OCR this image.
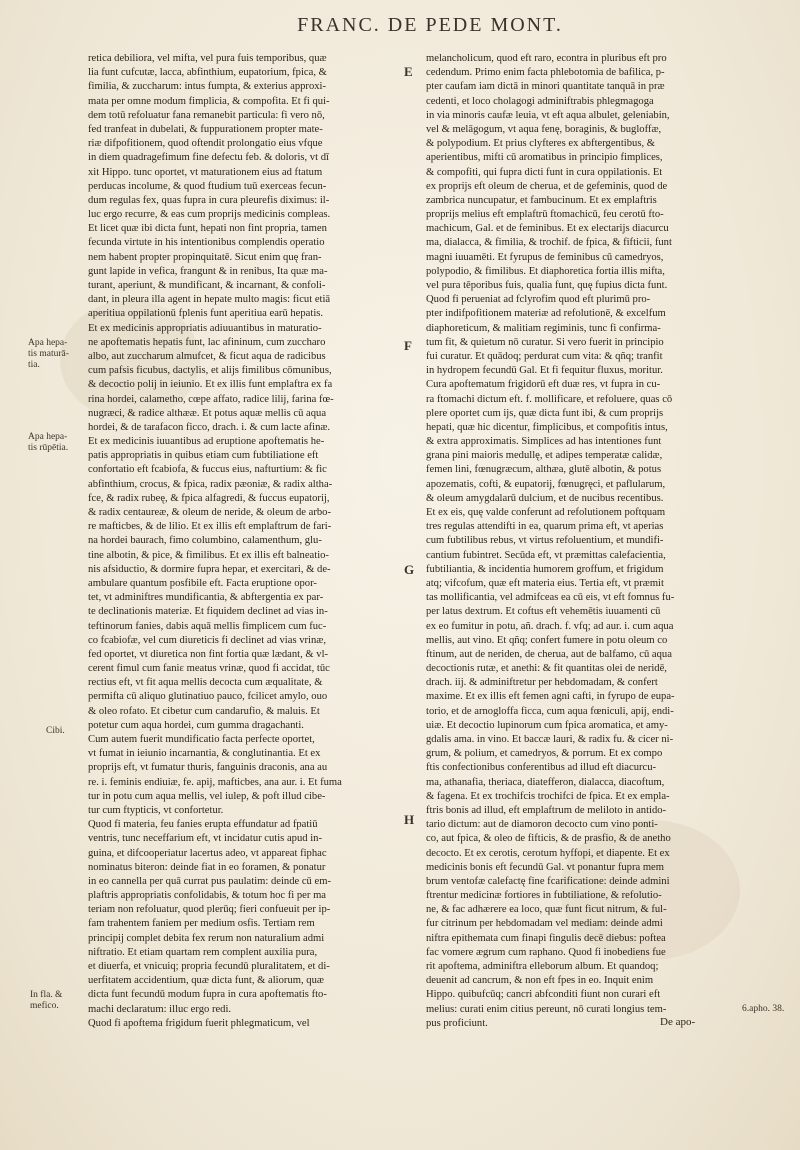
FRANC. DE PEDE MONT.
E
F
G
H
Apa hepa- tis maturā- tia.
Apa hepa- tis rūpētia.
Cibi.
In fla. & mefico.	6.apho. 38.
retica debiliora, vel mifta, vel pura fuis temporibus, quæ
lia funt cufcutæ, lacca, abfinthium, eupatorium, fpica, &
fimilia, & zuccharum: intus fumpta, & exterius approxi-
mata per omne modum fimplicia, & compofita. Et fi qui-
dem totū refoluatur fana remanebit particula: fi vero nō,
fed tranfeat in dubelati, & fuppurationem propter mate-
riæ difpofitionem, quod oftendit prolongatio eius vfque
in diem quadragefimum fine defectu feb. & doloris, vt dī
xit Hippo. tunc oportet, vt maturationem eius ad ftatum
perducas incolume, & quod ftudium tuū exerceas fecun-
dum regulas fex, quas fupra in cura pleurefis diximus: il-
luc ergo recurre, & eas cum proprijs medicinis compleas.
Et licet quæ ibi dicta funt, hepati non fint propria, tamen
fecunda virtute in his intentionibus complendis operatio
nem habent propter propinquitatē. Sicut enim quę fran-
gunt lapide in vefica, frangunt & in renibus, Ita quæ ma-
turant, aperiunt, & mundificant, & incarnant, & confoli-
dant, in pleura illa agent in hepate multo magis: ficut etiā
aperitiua oppilationū fplenis funt aperitiua earū hepatis.
Et ex medicinis appropriatis adiuuantibus in maturatio-
ne apoftematis hepatis funt, lac afininum, cum zuccharo
albo, aut zuccharum almufcet, & ficut aqua de radicibus
cum pafsis ficubus, dactylis, et alijs fimilibus cōmunibus,
& decoctio polij in ieiunio. Et ex illis funt emplaftra ex fa
rina hordei, calametho, cœpe affato, radice lilij, farina fœ-
nugræci, & radice althææ. Et potus aquæ mellis cū aqua
hordei, & de tarafacon ficco, drach. i. & cum lacte afinæ.
Et ex medicinis iuuantibus ad eruptione apoftematis he-
patis appropriatis in quibus etiam cum fubtiliatione eft
confortatio eft fcabiofa, & fuccus eius, nafturtium: & fic
abfinthium, crocus, & fpica, radix pæoniæ, & radix altha-
fce, & radix rubeę, & fpica alfagredi, & fuccus eupatorij,
& radix centaureæ, & oleum de neride, & oleum de arbo-
re mafticbes, & de lilio. Et ex illis eft emplaftrum de fari-
na hordei baurach, fimo columbino, calamenthum, glu-
tine albotin, & pice, & fimilibus. Et ex illis eft balneatio-
nis afsiductio, & dormire fupra hepar, et exercitari, & de-
ambulare quantum posfibile eft. Facta eruptione opor-
tet, vt adminiftres mundificantia, & abftergentia ex par-
te declinationis materiæ. Et fiquidem declinet ad vias in-
teftinorum fanies, dabis aquā mellis fimplicem cum fuc-
co fcabiofæ, vel cum diureticis fi declinet ad vias vrinæ,
fed oportet, vt diuretica non fint fortia quæ lædant, & vl-
cerent fimul cum faniε meatus vrinæ, quod fi accidat, tūc
rectius eft, vt fit aqua mellis decocta cum æqualitate, &
permifta cū aliquo glutinatiuo pauco, fcilicet amylo, ouo
& oleo rofato. Et cibetur cum candarufio, & maluis. Et
potetur cum aqua hordei, cum gumma dragachanti.
Cum autem fuerit mundificatio facta perfecte oportet,
vt fumat in ieiunio incarnantia, & conglutinantia. Et ex
proprijs eft, vt fumatur thuris, fanguinis draconis, ana au
re. i. feminis endiuiæ, fe. apij, mafticbes, ana aur. i. Et fuma
tur in potu cum aqua mellis, vel iulep, & poft illud cibe-
tur cum ftypticis, vt confortetur.
Quod fi materia, feu fanies erupta effundatur ad fpatiū
ventris, tunc neceffarium eft, vt incidatur cutis apud in-
guina, et difcooperiatur lacertus adeo, vt appareat fiphac
nominatus biteron: deinde fiat in eo foramen, & ponatur
in eo cannella per quā currat pus paulatim: deinde cū em-
plaftris appropriatis confolidabis, & totum hoc fi per ma
teriam non refoluatur, quod plerūq; fieri confueuit per ip-
fam trahentem faniem per medium osfis. Tertiam rem
principij complet debita fex rerum non naturalium admi
niftratio. Et etiam quartam rem complent auxilia pura,
et diuerfa, et vnicuiq; propria fecundū pluralitatem, et di-
uerfitatem accidentium, quæ dicta funt, & aliorum, quæ
dicta funt fecundū modum fupra in cura apoftematis fto-
machi declaratum: illuc ergo redi.
Quod fi apoftema frigidum fuerit phlegmaticum, vel
melancholicum, quod eft raro, econtra in pluribus eft pro
cedendum. Primo enim facta phlebotomia de bafilica, p-
pter caufam iam dictā in minori quantitate tanquā in præ
cedenti, et loco cholagogi adminiftrabis phlegmagoga
in via minoris caufæ leuia, vt eft aqua albulet, geleniabin,
vel & melāgogum, vt aqua fenę, boraginis, & bugloffæ,
& polypodium. Et prius clyfteres ex abftergentibus, &
aperientibus, mifti cū aromatibus in principio fimplices,
& compofiti, qui fupra dicti funt in cura oppilationis. Et
ex proprijs eft oleum de cherua, et de gefeminis, quod de
zambrica nuncupatur, et fambucinum. Et ex emplaftris
proprijs melius eft emplaftrū ftomachicū, feu cerotū fto-
machicum, Gal. et de feminibus. Et ex electarijs diacurcu
ma, dialacca, & fimilia, & trochif. de fpica, & fifticii, funt
magni iuuamēti. Et fyrupus de feminibus cū camedryos,
polypodio, & fimilibus. Et diaphoretica fortia illis mifta,
vel pura tēporibus fuis, qualia funt, quę fupius dicta funt.
Quod fi perueniat ad fclyrofim quod eft plurimū pro-
pter indifpofitionem materiæ ad refolutionē, & excelfum
diaphoreticum, & malitiam regiminis, tunc fi confirma-
tum fit, & quietum nō curatur. Si vero fuerit in principio
fui curatur. Et quādoq; perdurat cum vita: & qñq; tranfit
in hydropem fecundū Gal. Et fi fequitur fluxus, moritur.
Cura apoftematum frigidorū eft duæ res, vt fupra in cu-
ra ftomachi dictum eft. f. mollificare, et refoluere, quas cō
plere oportet cum ijs, quæ dicta funt ibi, & cum proprijs
hepati, quæ hic dicentur, fimplicibus, et compofitis intus,
& extra approximatis. Simplices ad has intentiones funt
grana pini maioris medullę, et adipes temperatæ calidæ,
femen lini, fœnugræcum, althæa, glutē albotin, & potus
apozematis, cofti, & eupatorij, fœnugręci, et paflularum,
& oleum amygdalarū dulcium, et de nucibus recentibus.
Et ex eis, quę valde conferunt ad refolutionem poftquam
tres regulas attendifti in ea, quarum prima eft, vt aperias
cum fubtilibus rebus, vt virtus refoluentium, et mundifi-
cantium fubintret. Secūda eft, vt præmittas calefacientia,
fubtiliantia, & incidentia humorem groffum, et frigidum
atq; vifcofum, quæ eft materia eius. Tertia eft, vt præmit
tas mollificantia, vel admifceas ea cū eis, vt eft fomnus fu-
per latus dextrum. Et coftus eft vehemētis iuuamenti cū
ex eo fumitur in potu, añ. drach. f. vfq; ad aur. i. cum aqua
mellis, aut vino. Et qñq; confert fumere in potu oleum co
ftinum, aut de neriden, de cherua, aut de balfamo, cū aqua
decoctionis rutæ, et anethi: & fit quantitas olei de neridē,
drach. iij. & adminiftretur per hebdomadam, & confert
maxime. Et ex illis eft femen agni cafti, in fyrupo de eupa-
torio, et de arnogloffa ficca, cum aqua fœniculi, apij, endi-
uiæ. Et decoctio lupinorum cum fpica aromatica, et amy-
gdalis ama. in vino. Et baccæ lauri, & radix fu. & cicer ni-
grum, & polium, et camedryos, & porrum. Et ex compo
ftis confectionibus conferentibus ad illud eft diacurcu-
ma, athanafia, theriaca, diatefferon, dialacca, diacoftum,
& fagena. Et ex trochifcis trochifci de fpica. Et ex empla-
ftris bonis ad illud, eft emplaftrum de meliloto in antido-
tario dictum: aut de diamoron decocto cum vino ponti-
co, aut fpica, & oleo de fifticis, & de prasfio, & de anetho
decocto. Et ex cerotis, cerotum hyffopi, et diapente. Et ex
medicinis bonis eft fecundū Gal. vt ponantur fupra mem
brum ventofæ calefactę fine fcarificatione: deinde admini
ftrentur medicinæ fortiores in fubtiliatione, & refolutio-
ne, & fac adhærere ea loco, quæ funt ficut nitrum, & ful-
fur citrinum per hebdomadam vel mediam: deinde admi
niftra epithemata cum finapi fingulis decē diebus: poftea
fac vomere ægrum cum raphano. Quod fi inobediens fue
rit apoftema, adminiftra elleborum album. Et quandoq;
deuenit ad cancrum, & non eft fpes in eo. Inquit enim
Hippo. quibufcūq; cancri abfconditi fiunt non curari eft
melius: curati enim citius pereunt, nō curati longius tem-
pus proficiunt.	De apo-
